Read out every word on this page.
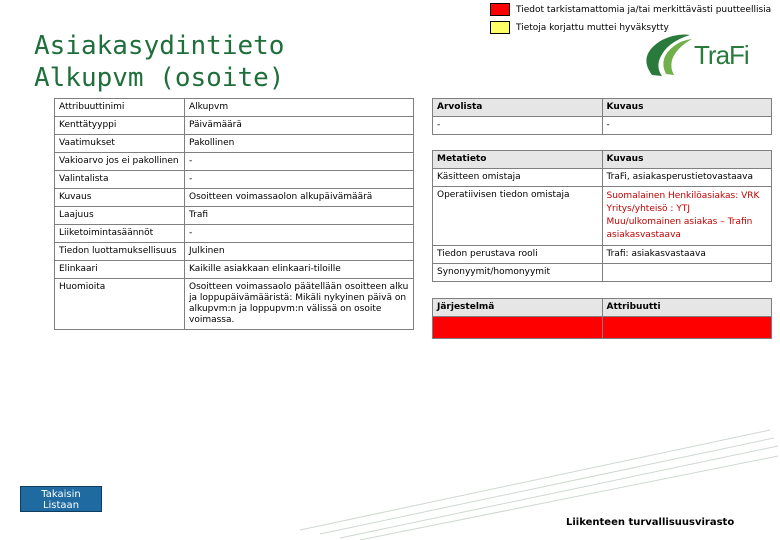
Tiedot tarkistamattomia ja/tai merkittävästi puutteellisia
Tietoja korjattu muttei hyväksytty
Asiakasydintieto
Alkupvm (osoite)
TraFi
Attribuuttinimi	Alkupvm
Kenttätyyppi	Päivämäärä
Vaatimukset	Pakollinen
Vakioarvo jos ei pakollinen	-
Valintalista	-
Kuvaus	Osoitteen voimassaolon alkupäivämäärä
Laajuus	Trafi
Liiketoimintasäännöt	-
Tiedon luottamuksellisuus	Julkinen
Elinkaari	Kaikille asiakkaan elinkaari-tiloille
Huomioita	Osoitteen voimassaolo päätellään osoitteen alku ja loppupäivämääristä: Mikäli nykyinen päivä on alkupvm:n ja loppupvm:n välissä on osoite voimassa.
Arvolista	Kuvaus
-	-
Metatieto	Kuvaus
Käsitteen omistaja	TraFi, asiakasperustietovastaava
Operatiivisen tiedon omistaja	Suomalainen Henkilöasiakas: VRK
Yritys/yhteisö : YTJ
Muu/ulkomainen asiakas – Trafin asiakasvastaava

Tiedon perustava rooli	Trafi: asiakasvastaava
Synonyymit/homonyymit	
Järjestelmä	Attribuutti

Takaisin
Listaan
Liikenteen turvallisuusvirasto
